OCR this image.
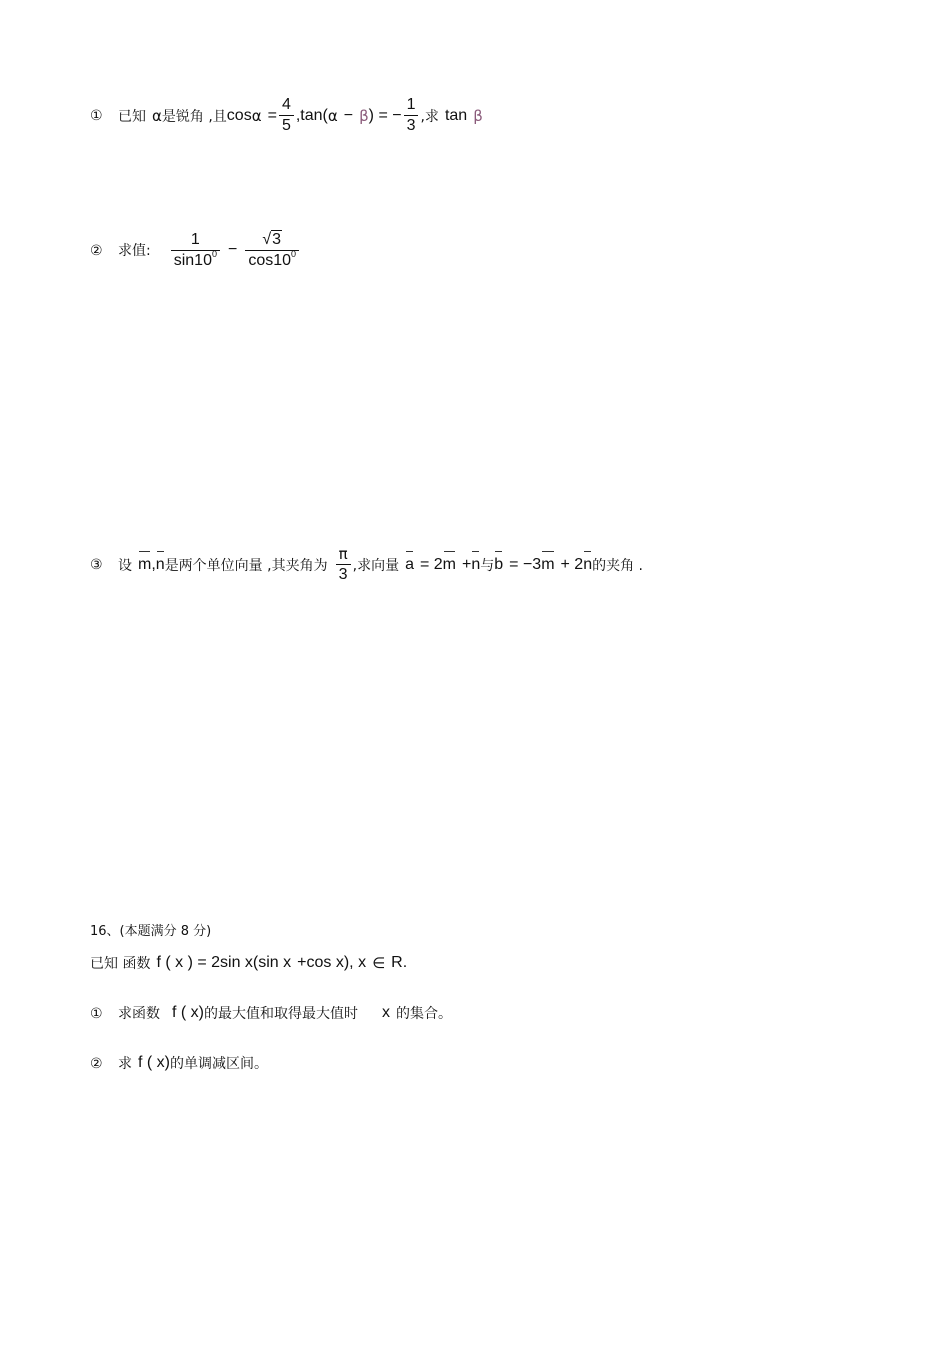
①	已知 α 是锐角 ,且 $\cos \alpha = \frac{4}{5} ,\tan$( α − β ) = − $\frac{1}{3}$ ,求 tan β
②	求值: $\frac{1}{\sin 10^0} - \frac{√ 3}{\cos 10^0}$
③	设 m , n 是两个单位向量 ,其夹角为 $\frac{\pi}{3}$ ,求向量 a = 2 m + n 与 b = −3 m + 2 n 的夹角 .
16、(本题满分 8 分)
已知 函数 f ( x ) = 2sin x(sin x + cos x), x ∈ R.
①	求函数 f ( x) 的最大值和取得最大值时 x 的集合。
②	求 f ( x) 的单调减区间。
